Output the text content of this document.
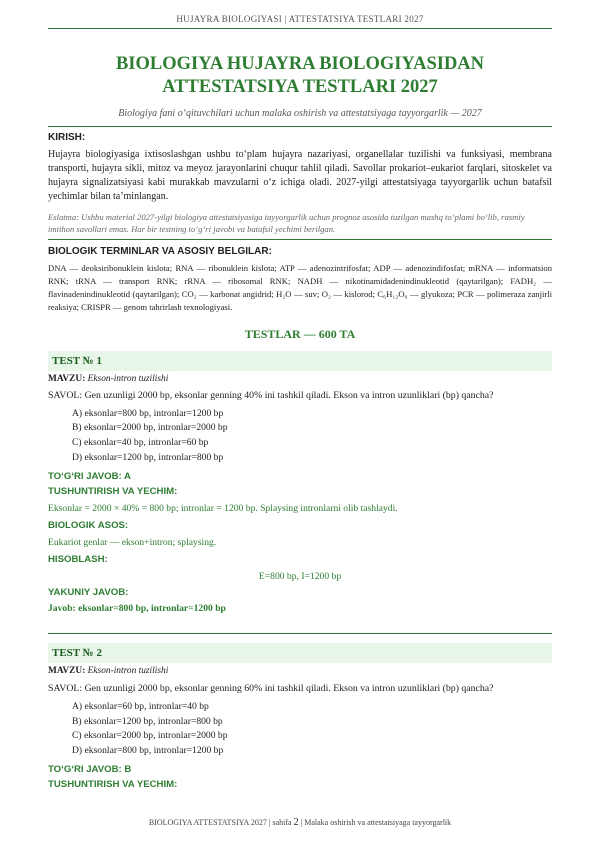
HUJAYRA BIOLOGIYASI | ATTESTATSIYA TESTLARI 2027
BIOLOGIYA HUJAYRA BIOLOGIYASIDAN
ATTESTATSIYA TESTLARI 2027
Biologiya fani o‘qituvchilari uchun malaka oshirish va attestatsiyaga tayyorgarlik — 2027
KIRISH:
Hujayra biologiyasiga ixtisoslashgan ushbu to‘plam hujayra nazariyasi, organellalar tuzilishi va funksiyasi, membrana transporti, hujayra sikli, mitoz va meyoz jarayonlarini chuqur tahlil qiladi. Savollar prokariot–eukariot farqlari, sitoskelet va hujayra signalizatsiyasi kabi murakkab mavzularni o‘z ichiga oladi. 2027-yilgi attestatsiyaga tayyorgarlik uchun batafsil yechimlar bilan ta’minlangan.
Eslatma: Ushbu material 2027-yilgi biologiya attestatsiyasiga tayyorgarlik uchun prognoz asosida tuzilgan mashq to‘plami bo‘lib, rasmiy imtihon savollari emas. Har bir testning to‘g‘ri javobi va batafsil yechimi berilgan.
BIOLOGIK TERMINLAR VA ASOSIY BELGILAR:
DNA — deoksiribonuklein kislota; RNA — ribonuklein kislota; ATP — adenozintrifosfat; ADP — adenozindifosfat; mRNA — informatsion RNK; tRNA — transport RNK; rRNA — ribosomal RNK; NADH — nikotinamidadenindinukleotid (qaytarilgan); FADH₂ — flavinadenindinukleotid (qaytarilgan); CO₂ — karbonat angidrid; H₂O — suv; O₂ — kislorod; C₆H₁₂O₆ — glyukoza; PCR — polimeraza zanjirli reaksiya; CRISPR — genom tahrirlash texnologiyasi.
TESTLAR — 600 TA
TEST № 1
MAVZU: Ekson-intron tuzilishi
SAVOL: Gen uzunligi 2000 bp, eksonlar genning 40% ini tashkil qiladi. Ekson va intron uzunliklari (bp) qancha?
A) eksonlar=800 bp, intronlar=1200 bp
B) eksonlar=2000 bp, intronlar=2000 bp
C) eksonlar=40 bp, intronlar=60 bp
D) eksonlar=1200 bp, intronlar=800 bp
TO‘G‘RI JAVOB: A
TUSHUNTIRISH VA YECHIM:
Eksonlar = 2000 × 40% = 800 bp; intronlar = 1200 bp. Splaysing intronlarni olib tashlaydi.
BIOLOGIK ASOS:
Eukariot genlar — ekson+intron; splaysing.
HISOBLASH:
E=800 bp, I=1200 bp
YAKUNIY JAVOB:
Javob: eksonlar=800 bp, intronlar=1200 bp
TEST № 2
MAVZU: Ekson-intron tuzilishi
SAVOL: Gen uzunligi 2000 bp, eksonlar genning 60% ini tashkil qiladi. Ekson va intron uzunliklari (bp) qancha?
A) eksonlar=60 bp, intronlar=40 bp
B) eksonlar=1200 bp, intronlar=800 bp
C) eksonlar=2000 bp, intronlar=2000 bp
D) eksonlar=800 bp, intronlar=1200 bp
TO‘G‘RI JAVOB: B
TUSHUNTIRISH VA YECHIM:
BIOLOGIYA ATTESTATSIYA 2027 | sahifa 2 | Malaka oshirish va attestatsiyaga tayyorgarlik
